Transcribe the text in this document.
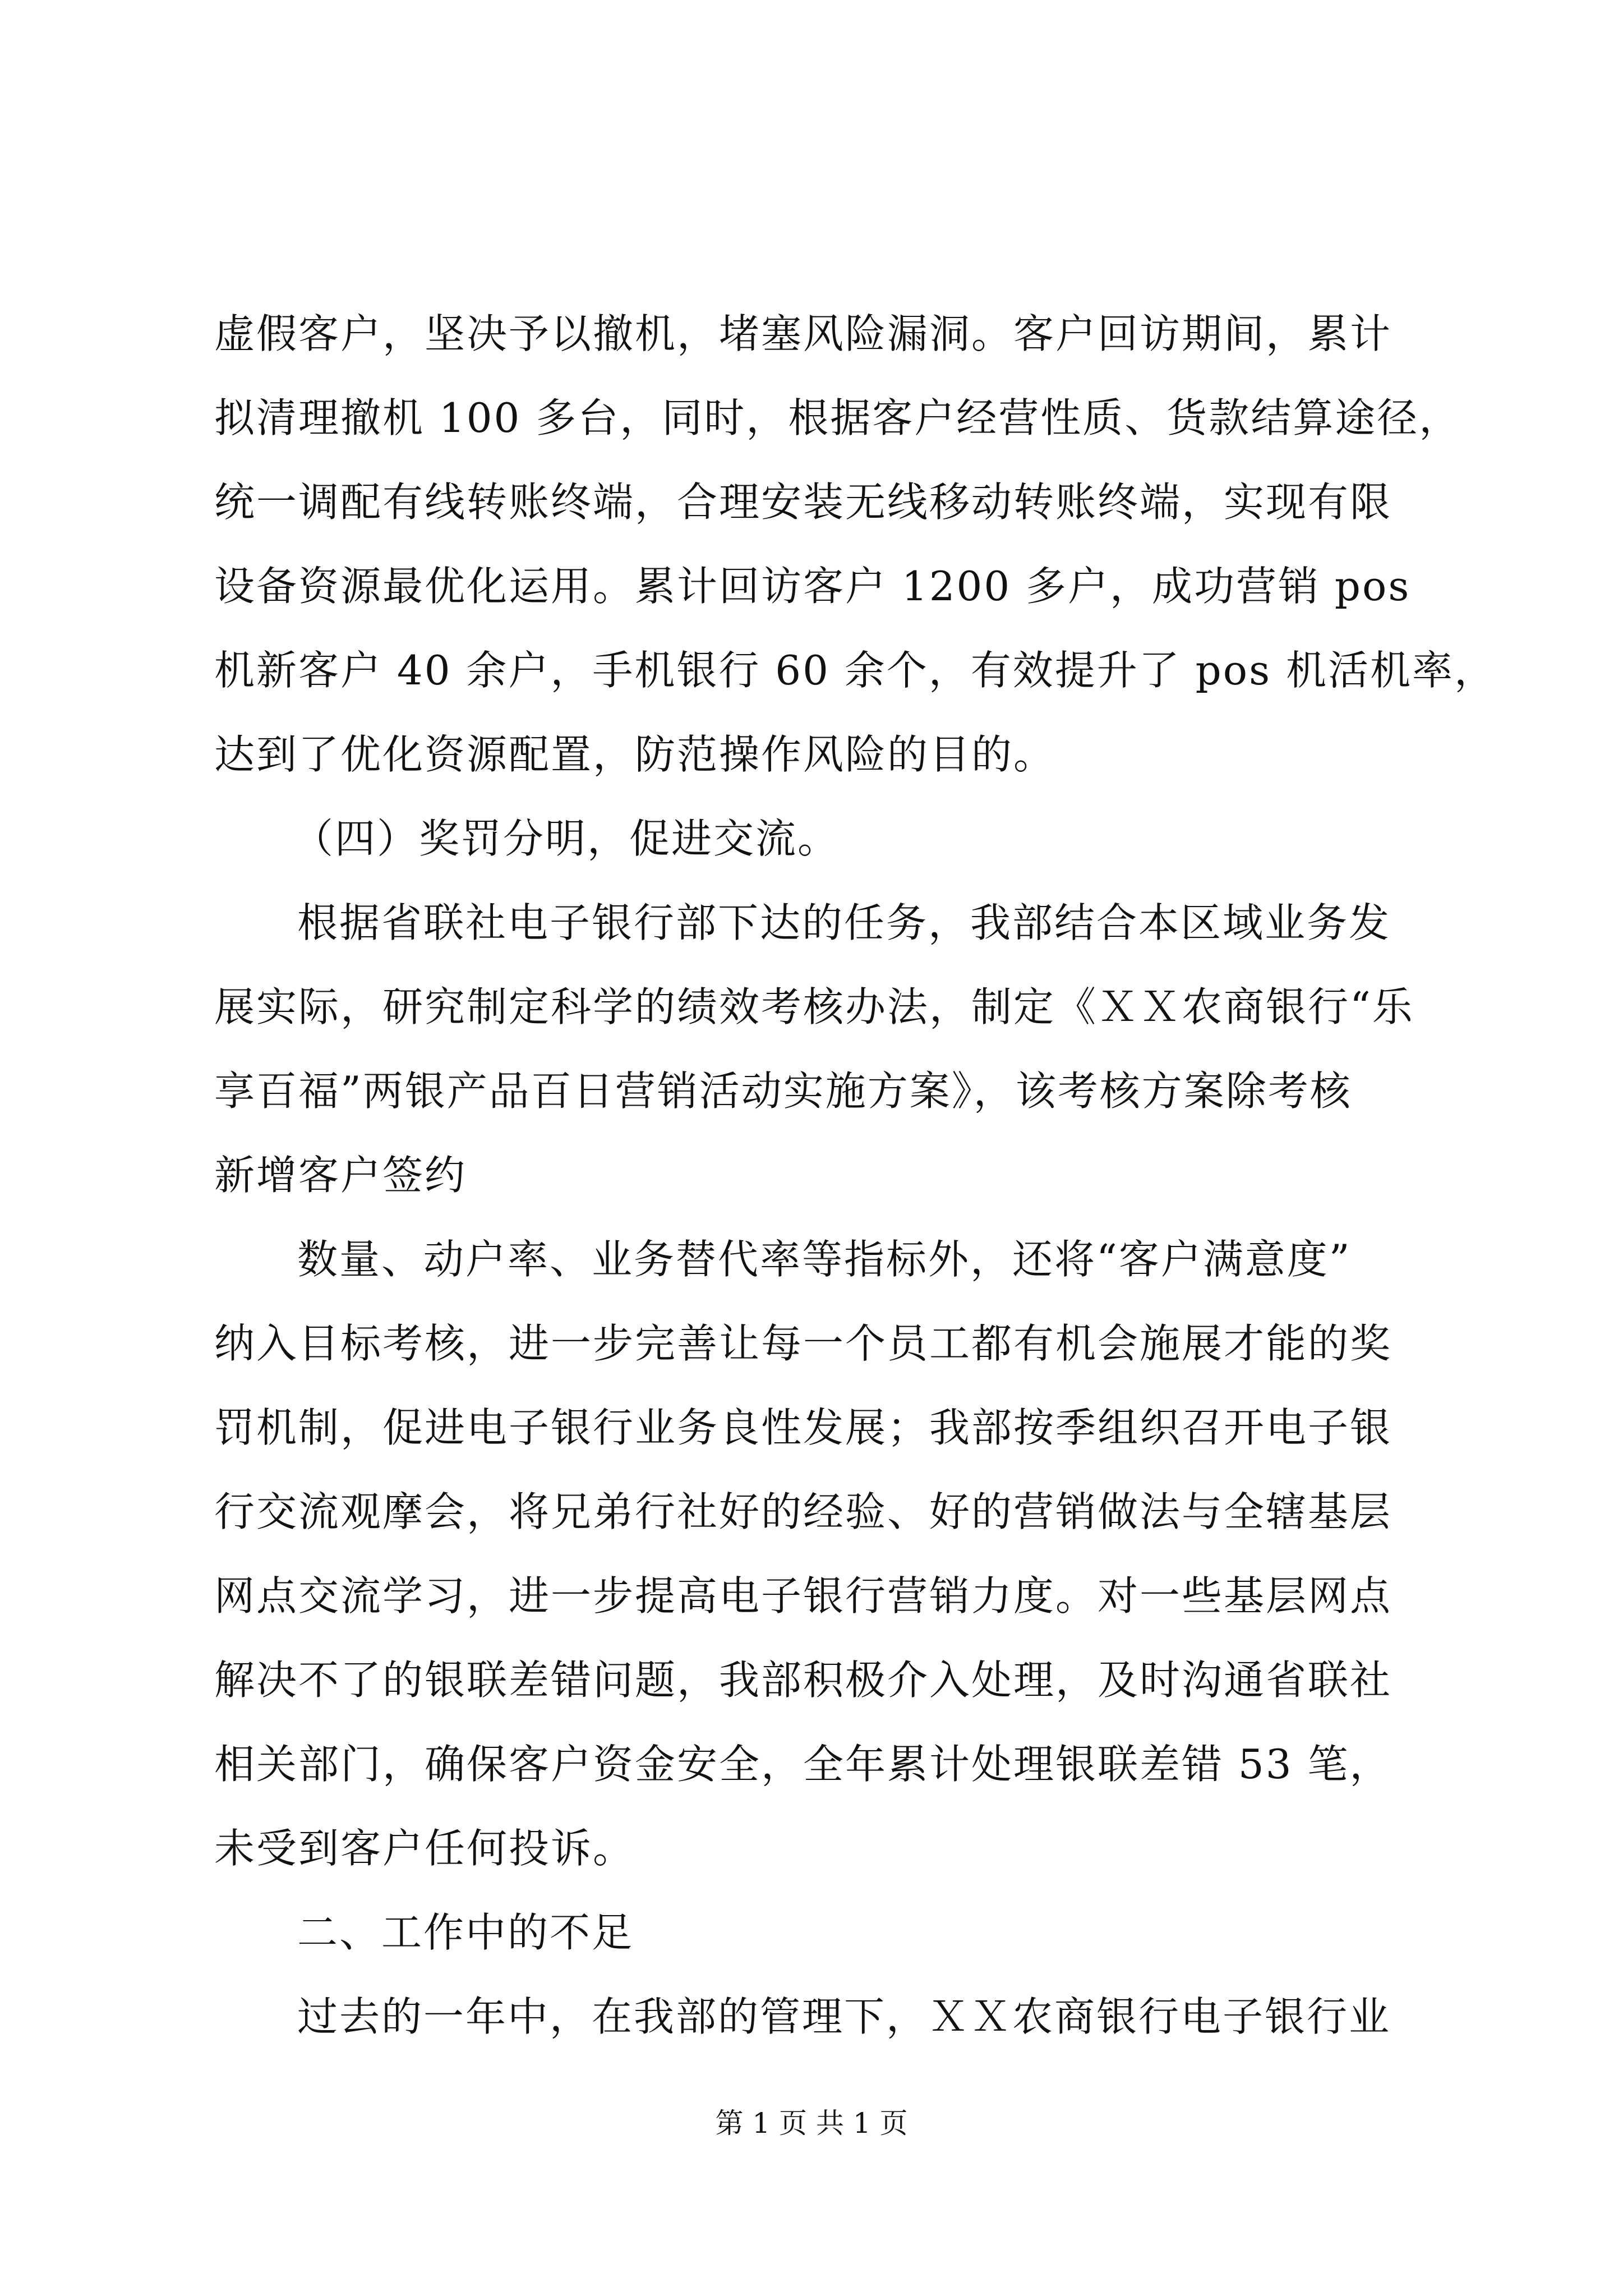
虚假客户，坚决予以撤机，堵塞风险漏洞。客户回访期间，累计
拟清理撤机 100 多台，同时，根据客户经营性质、货款结算途径，
统一调配有线转账终端，合理安装无线移动转账终端，实现有限
设备资源最优化运用。累计回访客户 1200 多户，成功营销 pos
机新客户 40 余户，手机银行 60 余个，有效提升了 pos 机活机率，
达到了优化资源配置，防范操作风险的目的。
（四）奖罚分明，促进交流。
根据省联社电子银行部下达的任务，我部结合本区域业务发
展实际，研究制定科学的绩效考核办法，制定《ＸＸ农商银行“乐
享百福”两银产品百日营销活动实施方案》，该考核方案除考核
新增客户签约
数量、动户率、业务替代率等指标外，还将“客户满意度”
纳入目标考核，进一步完善让每一个员工都有机会施展才能的奖
罚机制，促进电子银行业务良性发展；我部按季组织召开电子银
行交流观摩会，将兄弟行社好的经验、好的营销做法与全辖基层
网点交流学习，进一步提高电子银行营销力度。对一些基层网点
解决不了的银联差错问题，我部积极介入处理，及时沟通省联社
相关部门，确保客户资金安全，全年累计处理银联差错 53 笔，
未受到客户任何投诉。
二、工作中的不足
过去的一年中，在我部的管理下，ＸＸ农商银行电子银行业
第 1 页 共 1 页
